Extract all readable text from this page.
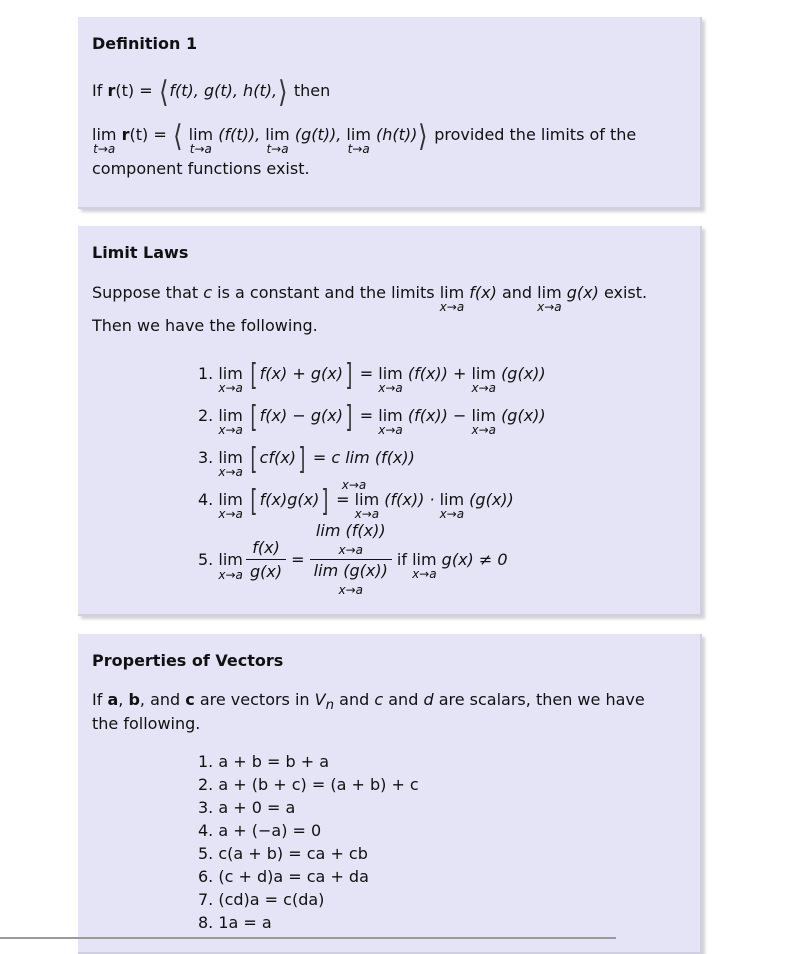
Definition 1
If r(t) = ⟨f(t), g(t), h(t),⟩ then
lim
t→a
r(t) = ⟨ lim
t→a
(f(t)), lim
t→a
(g(t)), lim
t→a
(h(t))⟩ provided the limits of the
component functions exist.
Limit Laws
Suppose that c is a constant and the limits lim
x→a
f(x) and lim
x→a
g(x) exist.
Then we have the following.
1. lim
x→a [ f(x) + g(x)] = lim
x→a
(f(x)) + lim
x→a
(g(x))
2. lim
x→a [ f(x) − g(x)] = lim
x→a
(f(x)) − lim
x→a
(g(x))
3. lim
x→a [ cf(x)] = c lim
x→a
(f(x))
4. lim
x→a [ f(x)g(x)] = lim
x→a
(f(x)) · lim
x→a
(g(x))
5. lim
x→a
$\frac{f(x)}{g(x)}$ =
lim (f(x))
x→a
lim (g(x))
x→a
if lim
x→a
g(x) ≠ 0
Properties of Vectors
If a, b, and c are vectors in $V_n$ and c and d are scalars, then we have
the following.
1. a + b = b + a
2. a + (b + c) = (a + b) + c
3. a + 0 = a
4. a + (−a) = 0
5. c(a + b) = ca + cb
6. (c + d)a = ca + da
7. (cd)a = c(da)
8. 1a = a
